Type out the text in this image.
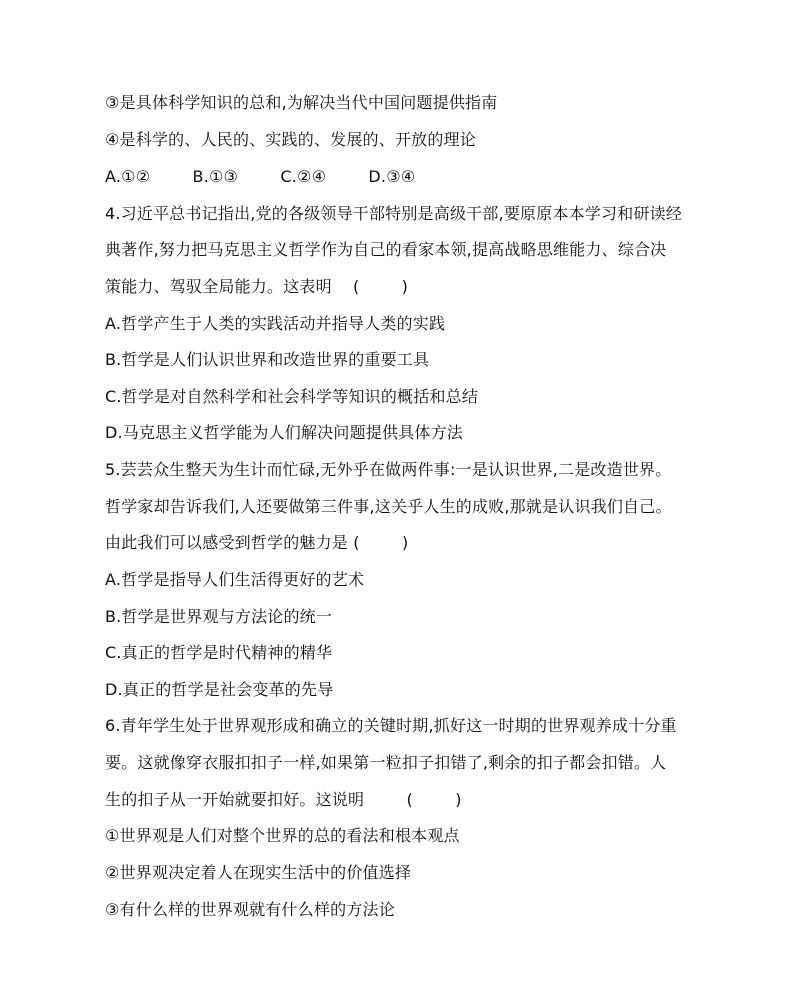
③是具体科学知识的总和,为解决当代中国问题提供指南
④是科学的、人民的、实践的、发展的、开放的理论
A.①②        B.①③        C.②④        D.③④
4.习近平总书记指出,党的各级领导干部特别是高级干部,要原原本本学习和研读经
典著作,努力把马克思主义哲学作为自己的看家本领,提高战略思维能力、综合决
策能力、驾驭全局能力。这表明    (        )
A.哲学产生于人类的实践活动并指导人类的实践
B.哲学是人们认识世界和改造世界的重要工具
C.哲学是对自然科学和社会科学等知识的概括和总结
D.马克思主义哲学能为人们解决问题提供具体方法
5.芸芸众生整天为生计而忙碌,无外乎在做两件事:一是认识世界,二是改造世界。
哲学家却告诉我们,人还要做第三件事,这关乎人生的成败,那就是认识我们自己。
由此我们可以感受到哲学的魅力是 (        )
A.哲学是指导人们生活得更好的艺术
B.哲学是世界观与方法论的统一
C.真正的哲学是时代精神的精华
D.真正的哲学是社会变革的先导
6.青年学生处于世界观形成和确立的关键时期,抓好这一时期的世界观养成十分重
要。这就像穿衣服扣扣子一样,如果第一粒扣子扣错了,剩余的扣子都会扣错。人
生的扣子从一开始就要扣好。这说明        (        )
①世界观是人们对整个世界的总的看法和根本观点
②世界观决定着人在现实生活中的价值选择
③有什么样的世界观就有什么样的方法论
